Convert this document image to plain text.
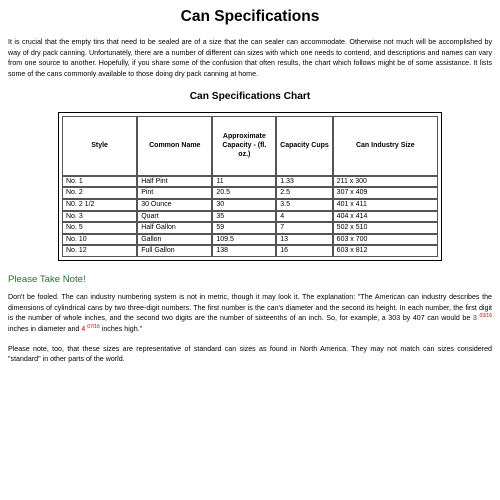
Can Specifications

It is crucial that the empty tins that need to be sealed are of a size that the can sealer can accommodate. Otherwise not much will be accomplished by way of dry pack canning. Unfortunately, there are a number of different can sizes with which one needs to contend, and descriptions and names can vary from one source to another. Hopefully, if you share some of the confusion that often results, the chart which follows might be of some assistance. It lists some of the cans commonly available to those doing dry pack canning at home.

Can Specifications Chart
Style	Common Name	Approximate Capacity - (fl. oz.)	Capacity Cups	Can Industry Size
No. 1	Half Pint	11	1.33	211 x 300
No. 2	Pint	20.5	2.5	307 x 409
N0. 2 1/2	30 Ounce	30	3.5	401 x 411
No. 3	Quart	35	4	404 x 414
No. 5	Half Gallon	59	7	502 x 510
No. 10	Gallon	109.5	13	603 x 700
No. 12	Full Gallon	138	16	603 x 812
Please Take Note!

Don't be fooled. The can industry numbering system is not in metric, though it may look it. The explanation: "The American can industry describes the dimensions of cylindrical cans by two three-digit numbers. The first number is the can's diameter and the second its height. In each number, the first digit is the number of whole inches, and the second two digits are the number of sixteenths of an inch. So, for example, a 303 by 407 can would be 3 $^{03/16}$ inches in diameter and 4 $^{07/16}$ inches high."

Please note, too, that these sizes are representative of standard can sizes as found in North America. They may not match can sizes considered "standard" in other parts of the world.
